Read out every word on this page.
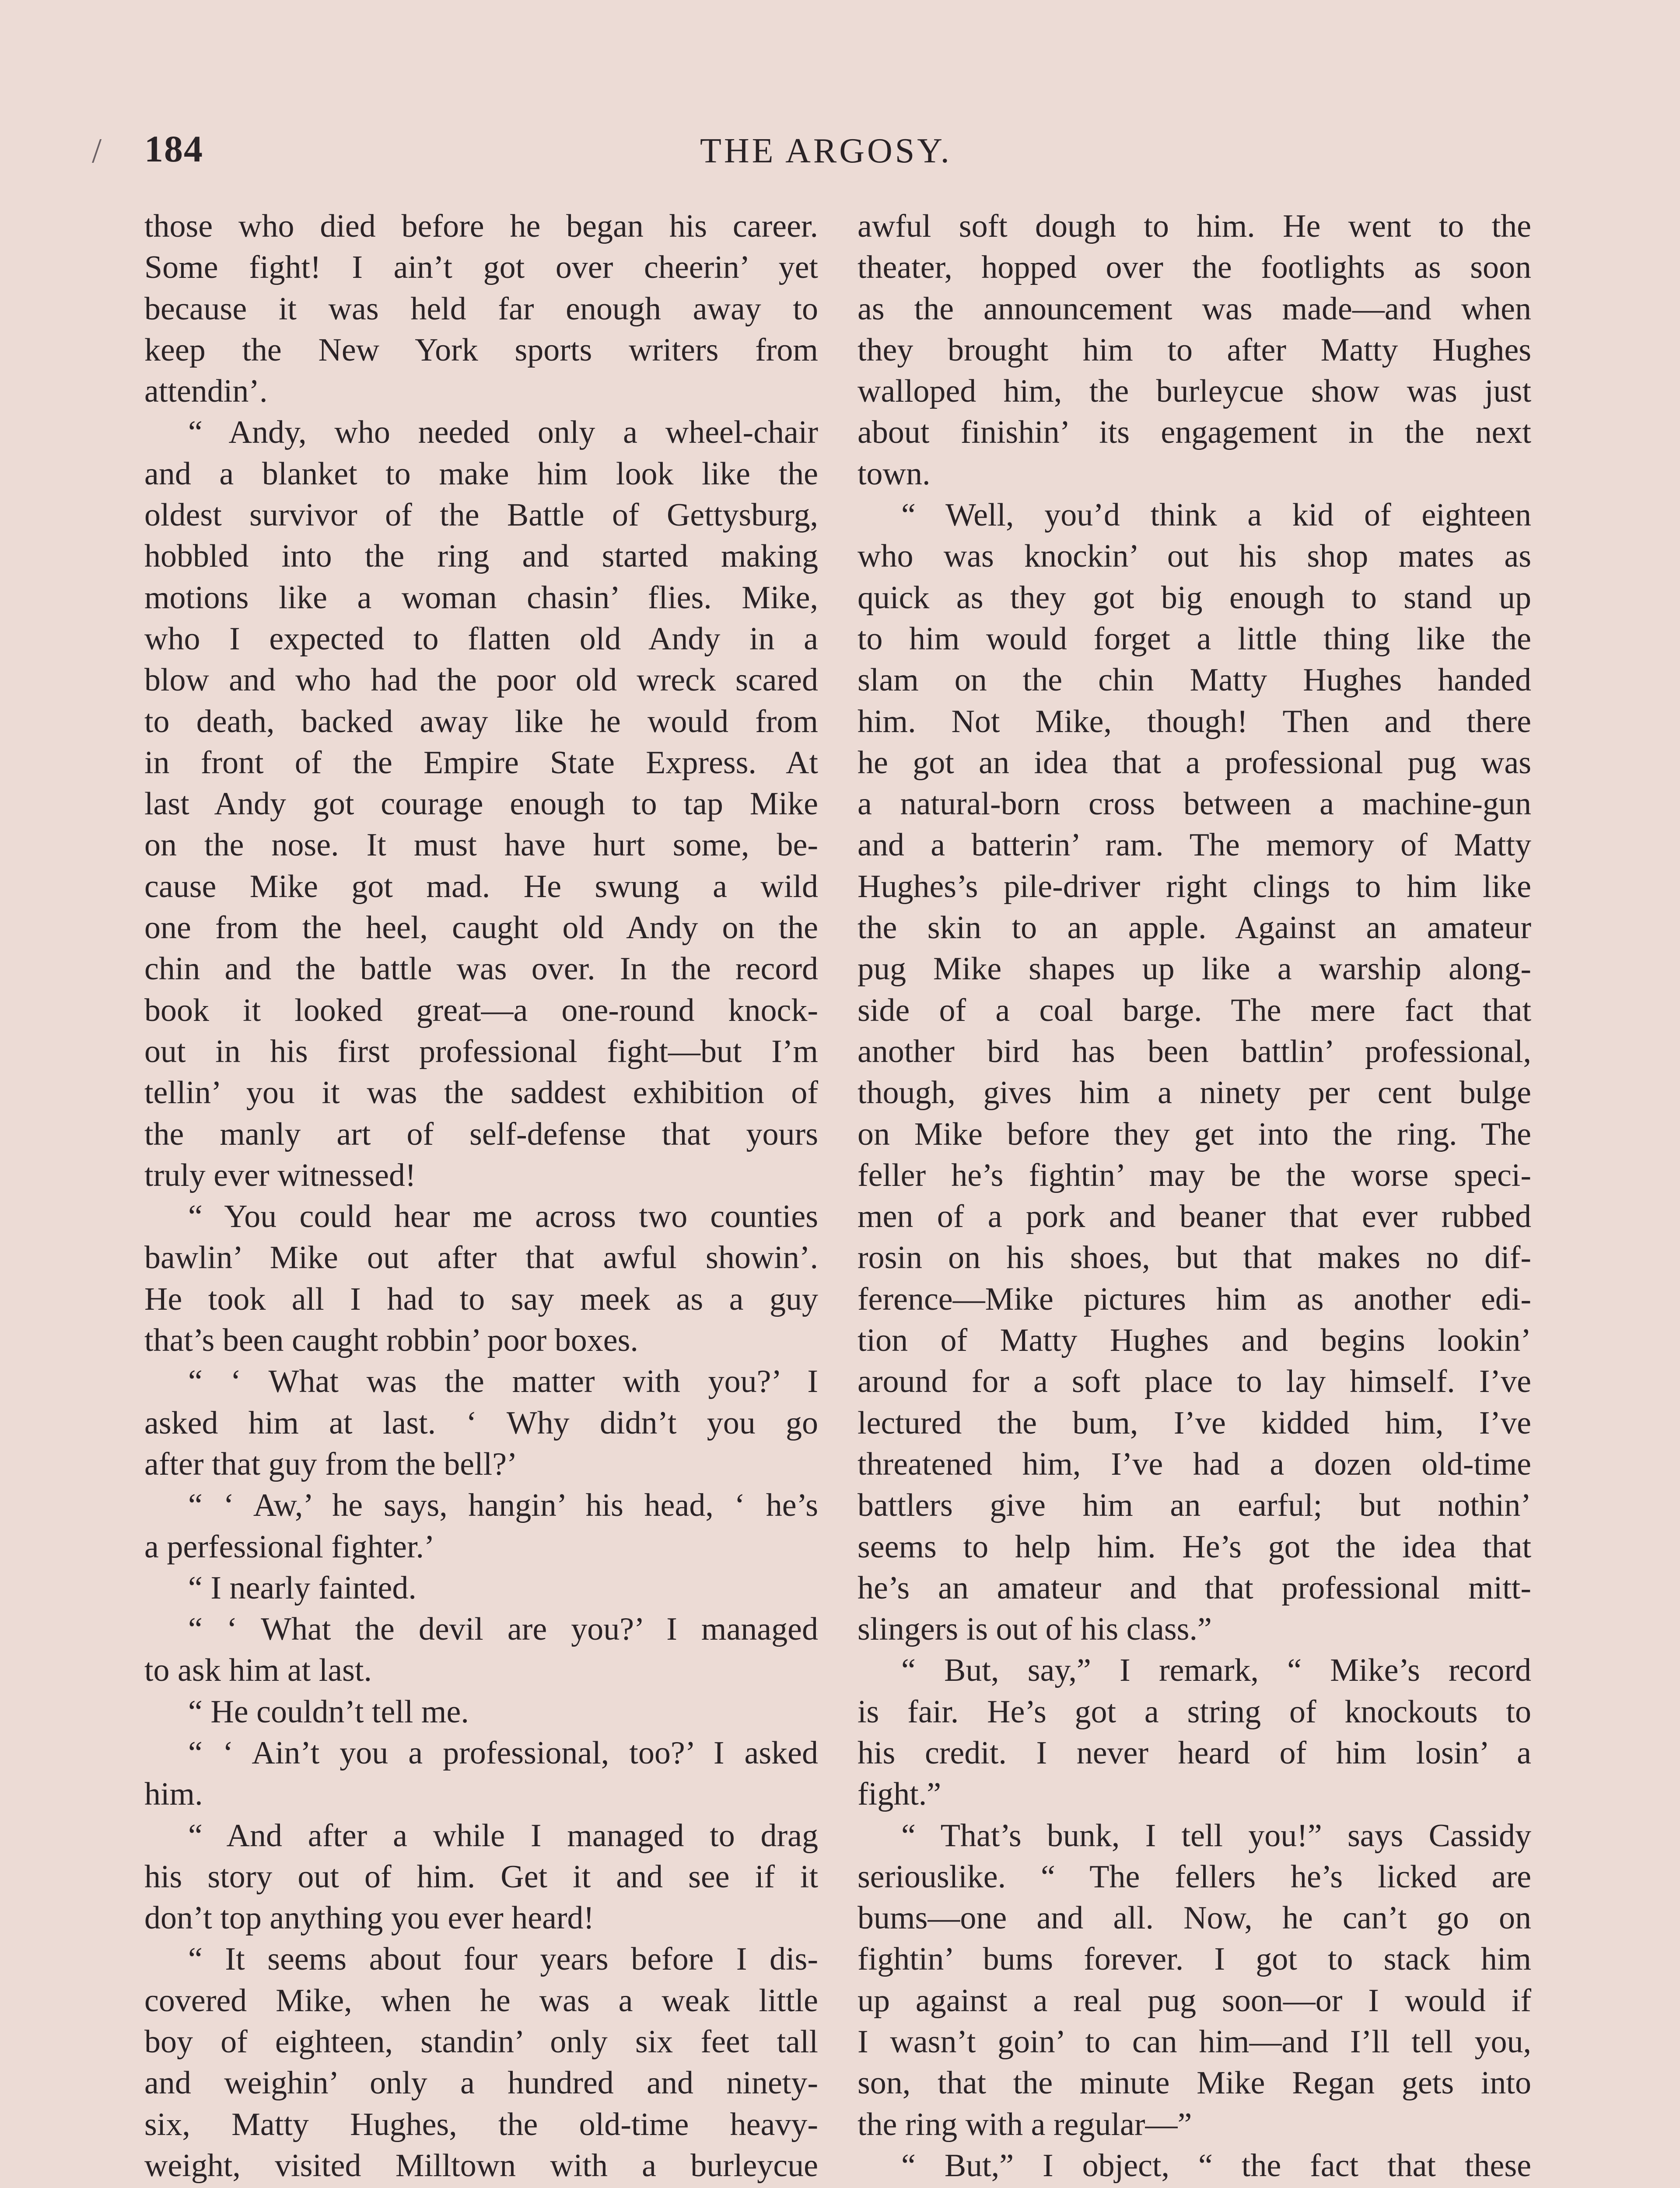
/ 184	THE ARGOSY.

those who died before he began his career.

Some fight! I ain’t got over cheerin’ yet

because it was held far enough away to

keep the New York sports writers from

attendin’.

“ Andy, who needed only a wheel-chair

and a blanket to make him look like the

oldest survivor of the Battle of Gettysburg,

hobbled into the ring and started making

motions like a woman chasin’ flies. Mike,

who I expected to flatten old Andy in a

blow and who had the poor old wreck scared

to death, backed away like he would from

in front of the Empire State Express. At

last Andy got courage enough to tap Mike

on the nose. It must have hurt some, be-

cause Mike got mad. He swung a wild

one from the heel, caught old Andy on the

chin and the battle was over. In the record

book it looked great—a one-round knock-

out in his first professional fight—but I’m

tellin’ you it was the saddest exhibition of

the manly art of self-defense that yours

truly ever witnessed!

“ You could hear me across two counties

bawlin’ Mike out after that awful showin’.

He took all I had to say meek as a guy

that’s been caught robbin’ poor boxes.

“ ‘ What was the matter with you?’ I

asked him at last. ‘ Why didn’t you go

after that guy from the bell?’

“ ‘ Aw,’ he says, hangin’ his head, ‘ he’s

a perfessional fighter.’

“ I nearly fainted.

“ ‘ What the devil are you?’ I managed

to ask him at last.

“ He couldn’t tell me.

“ ‘ Ain’t you a professional, too?’ I asked

him.

“ And after a while I managed to drag

his story out of him. Get it and see if it

don’t top anything you ever heard!

“ It seems about four years before I dis-

covered Mike, when he was a weak little

boy of eighteen, standin’ only six feet tall

and weighin’ only a hundred and ninety-

six, Matty Hughes, the old-time heavy-

weight, visited Milltown with a burleycue

awful soft dough to him. He went to the

theater, hopped over the footlights as soon

as the announcement was made—and when

they brought him to after Matty Hughes

walloped him, the burleycue show was just

about finishin’ its engagement in the next

town.

“ Well, you’d think a kid of eighteen

who was knockin’ out his shop mates as

quick as they got big enough to stand up

to him would forget a little thing like the

slam on the chin Matty Hughes handed

him. Not Mike, though! Then and there

he got an idea that a professional pug was

a natural-born cross between a machine-gun

and a batterin’ ram. The memory of Matty

Hughes’s pile-driver right clings to him like

the skin to an apple. Against an amateur

pug Mike shapes up like a warship along-

side of a coal barge. The mere fact that

another bird has been battlin’ professional,

though, gives him a ninety per cent bulge

on Mike before they get into the ring. The

feller he’s fightin’ may be the worse speci-

men of a pork and beaner that ever rubbed

rosin on his shoes, but that makes no dif-

ference—Mike pictures him as another edi-

tion of Matty Hughes and begins lookin’

around for a soft place to lay himself. I’ve

lectured the bum, I’ve kidded him, I’ve

threatened him, I’ve had a dozen old-time

battlers give him an earful; but nothin’

seems to help him. He’s got the idea that

he’s an amateur and that professional mitt-

slingers is out of his class.”

“ But, say,” I remark, “ Mike’s record

is fair. He’s got a string of knockouts to

his credit. I never heard of him losin’ a

fight.”

“ That’s bunk, I tell you!” says Cassidy

seriouslike. “ The fellers he’s licked are

bums—one and all. Now, he can’t go on

fightin’ bums forever. I got to stack him

up against a real pug soon—or I would if

I wasn’t goin’ to can him—and I’ll tell you,

son, that the minute Mike Regan gets into

the ring with a regular—”

“ But,” I object, “ the fact that these
